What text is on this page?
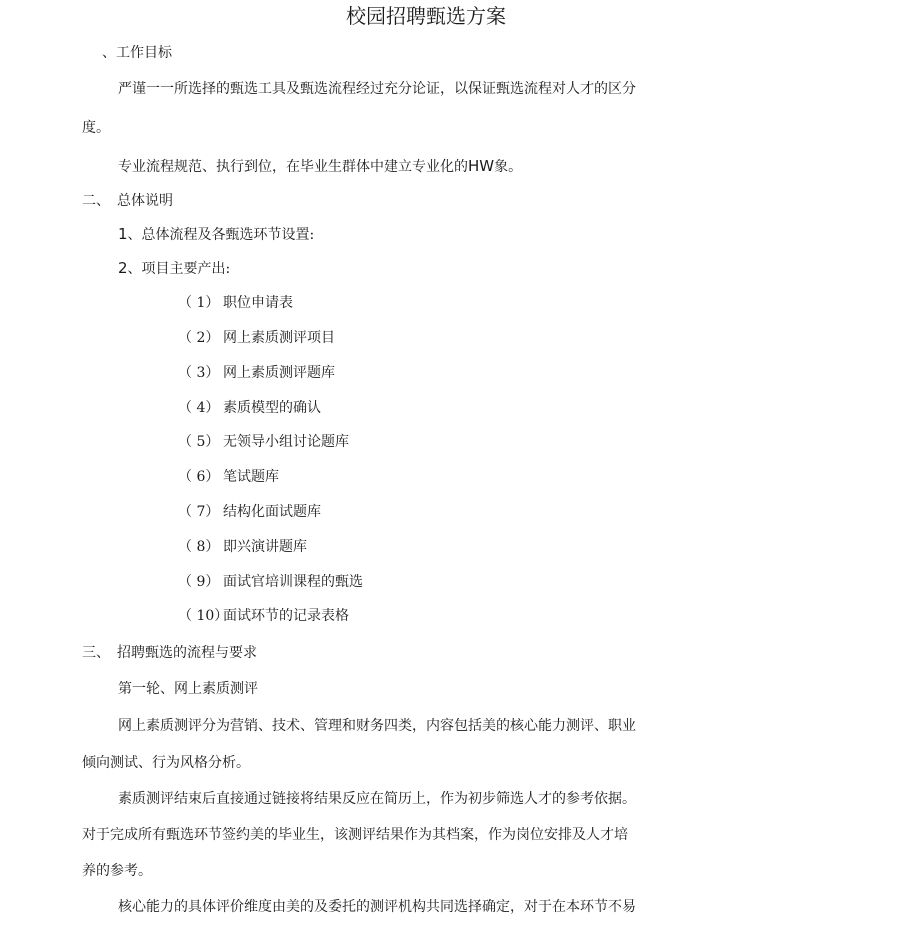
校园招聘甄选方案
、工作目标
严谨一一所选择的甄选工具及甄选流程经过充分论证，以保证甄选流程对人才的区分
度。
专业流程规范、执行到位，在毕业生群体中建立专业化的HW象。
二、 总体说明
1、总体流程及各甄选环节设置:
2、项目主要产出:
（ 1） 职位申请表
（ 2） 网上素质测评项目
（ 3） 网上素质测评题库
（ 4） 素质模型的确认
（ 5） 无领导小组讨论题库
（ 6） 笔试题库
（ 7） 结构化面试题库
（ 8） 即兴演讲题库
（ 9） 面试官培训课程的甄选
（ 10）
面试环节的记录表格
三、 招聘甄选的流程与要求
第一轮、网上素质测评
网上素质测评分为营销、技术、管理和财务四类，内容包括美的核心能力测评、职业
倾向测试、行为风格分析。
素质测评结束后直接通过链接将结果反应在简历上，作为初步筛选人才的参考依据。
对于完成所有甄选环节签约美的毕业生，该测评结果作为其档案，作为岗位安排及人才培
养的参考。
核心能力的具体评价维度由美的及委托的测评机构共同选择确定，对于在本环节不易
